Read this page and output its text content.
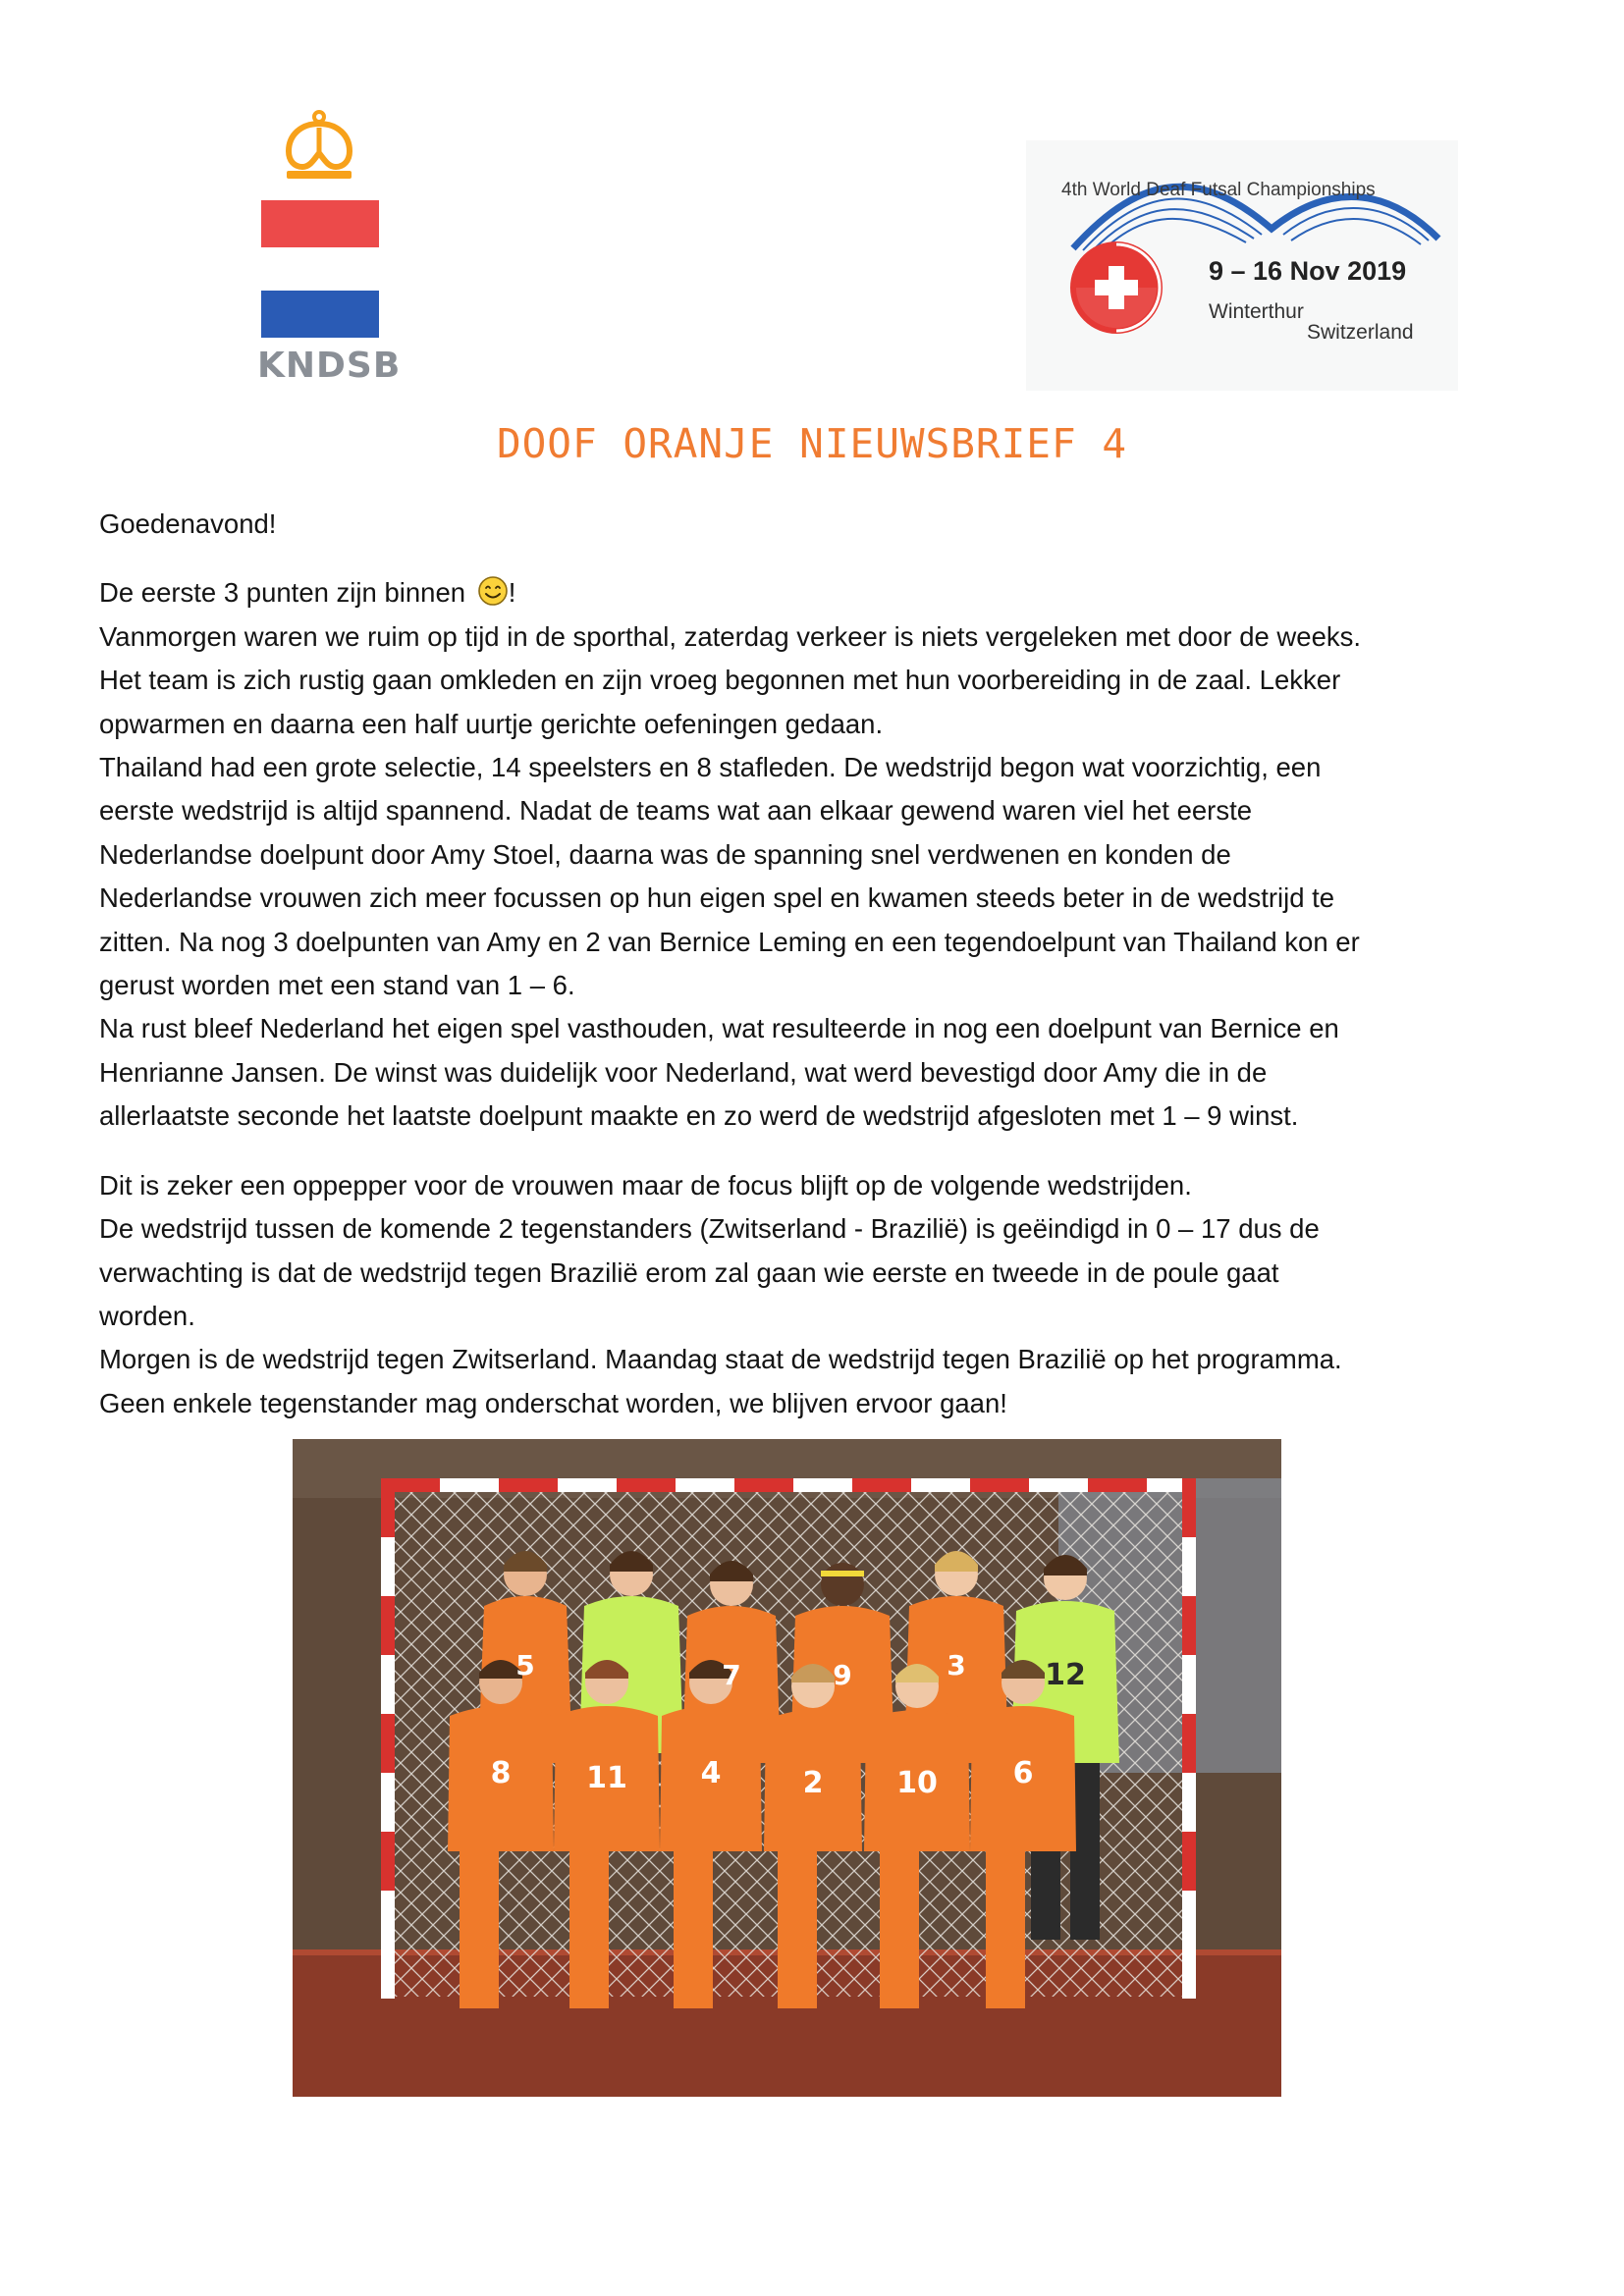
KNDSB
4th World Deaf Futsal Championships
9 – 16 Nov 2019
Winterthur
Switzerland
DOOF ORANJE NIEUWSBRIEF 4

Goedenavond!

De eerste 3 punten zijn binnen !

Vanmorgen waren we ruim op tijd in de sporthal, zaterdag verkeer is niets vergeleken met door de weeks.

Het team is zich rustig gaan omkleden en zijn vroeg begonnen met hun voorbereiding in de zaal. Lekker

opwarmen en daarna een half uurtje gerichte oefeningen gedaan.

Thailand had een grote selectie, 14 speelsters en 8 stafleden. De wedstrijd begon wat voorzichtig, een

eerste wedstrijd is altijd spannend. Nadat de teams wat aan elkaar gewend waren viel het eerste

Nederlandse doelpunt door Amy Stoel, daarna was de spanning snel verdwenen en konden de

Nederlandse vrouwen zich meer focussen op hun eigen spel en kwamen steeds beter in de wedstrijd te

zitten. Na nog 3 doelpunten van Amy en 2 van Bernice Leming en een tegendoelpunt van Thailand kon er

gerust worden met een stand van 1 – 6.

Na rust bleef Nederland het eigen spel vasthouden, wat resulteerde in nog een doelpunt van Bernice en

Henrianne Jansen. De winst was duidelijk voor Nederland, wat werd bevestigd door Amy die in de

allerlaatste seconde het laatste doelpunt maakte en zo werd de wedstrijd afgesloten met 1 – 9 winst.

Dit is zeker een oppepper voor de vrouwen maar de focus blijft op de volgende wedstrijden.

De wedstrijd tussen de komende 2 tegenstanders (Zwitserland - Brazilië) is geëindigd in 0 – 17 dus de

verwachting is dat de wedstrijd tegen Brazilië erom zal gaan wie eerste en tweede in de poule gaat

worden.

Morgen is de wedstrijd tegen Zwitserland. Maandag staat de wedstrijd tegen Brazilië op het programma.

Geen enkele tegenstander mag onderschat worden, we blijven ervoor gaan!

5	7	9	3	12
8	11 4	2 10	6
